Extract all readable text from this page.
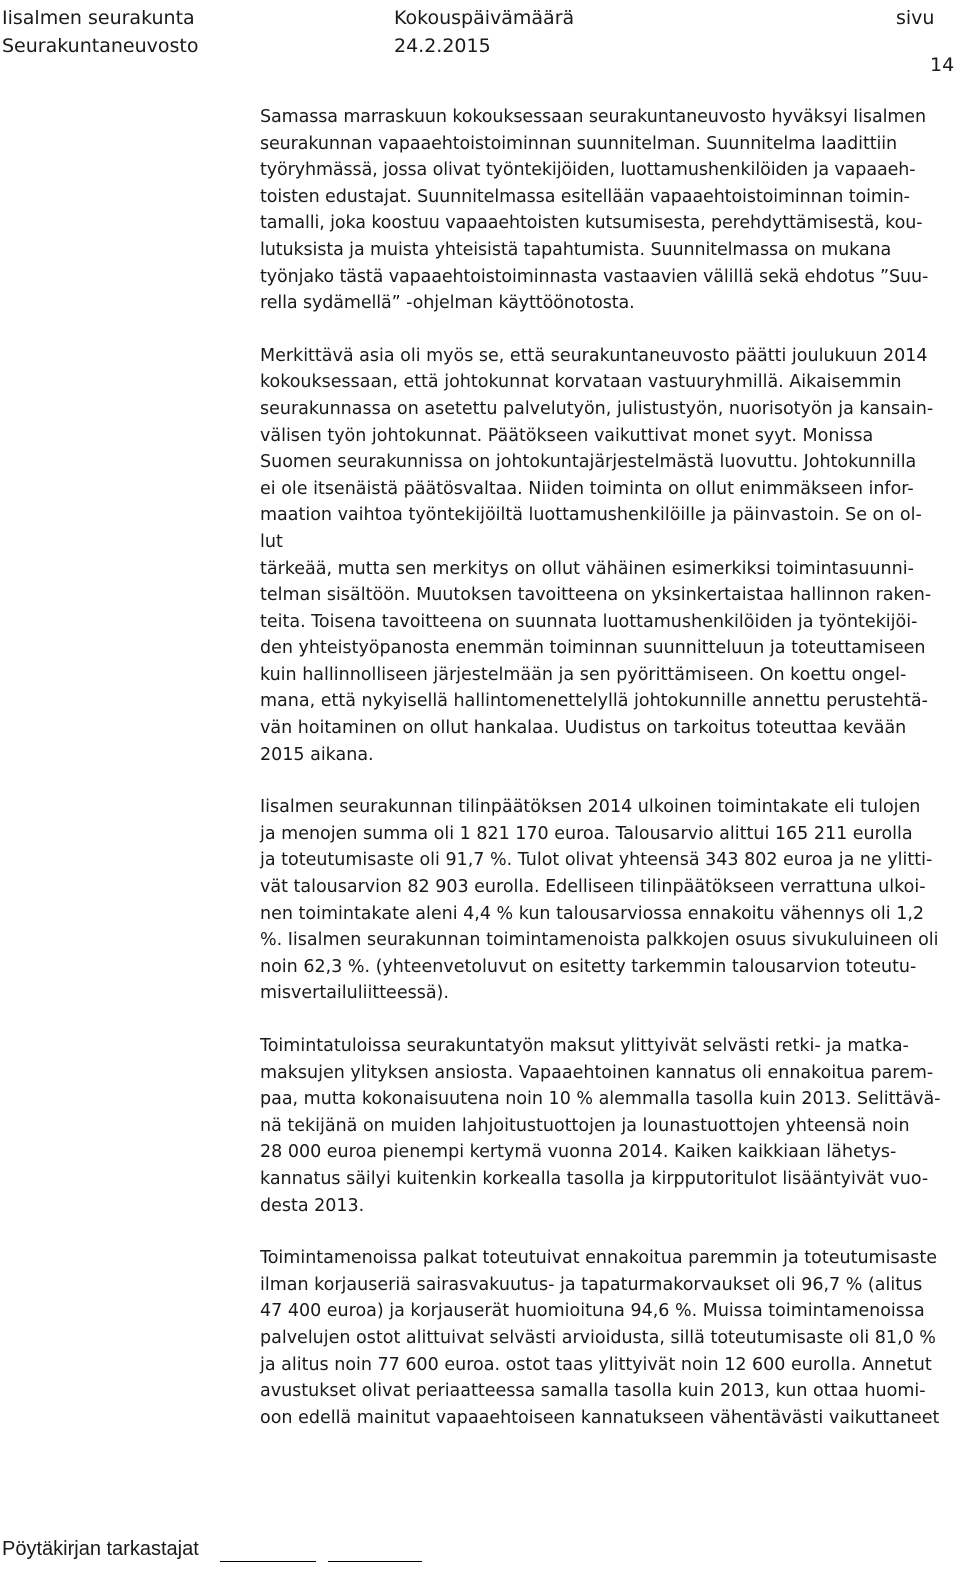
Iisalmen seurakunta
Seurakuntaneuvosto
Kokouspäivämäärä
24.2.2015
sivu
14

Samassa marraskuun kokouksessaan seurakuntaneuvosto hyväksyi Iisalmen
seurakunnan vapaaehtoistoiminnan suunnitelman. Suunnitelma laadittiin
työryhmässä, jossa olivat työntekijöiden, luottamushenkilöiden ja vapaaeh-
toisten edustajat. Suunnitelmassa esitellään vapaaehtoistoiminnan toimin-
tamalli, joka koostuu vapaaehtoisten kutsumisesta, perehdyttämisestä, kou-
lutuksista ja muista yhteisistä tapahtumista. Suunnitelmassa on mukana
työnjako tästä vapaaehtoistoiminnasta vastaavien välillä sekä ehdotus ”Suu-
rella sydämellä” -ohjelman käyttöönotosta.

Merkittävä asia oli myös se, että seurakuntaneuvosto päätti joulukuun 2014
kokouksessaan, että johtokunnat korvataan vastuuryhmillä. Aikaisemmin
seurakunnassa on asetettu palvelutyön, julistustyön, nuorisotyön ja kansain-
välisen työn johtokunnat. Päätökseen vaikuttivat monet syyt. Monissa
Suomen seurakunnissa on johtokuntajärjestelmästä luovuttu. Johtokunnilla
ei ole itsenäistä päätösvaltaa. Niiden toiminta on ollut enimmäkseen infor-
maation vaihtoa työntekijöiltä luottamushenkilöille ja päinvastoin. Se on ol-
lut
tärkeää, mutta sen merkitys on ollut vähäinen esimerkiksi toimintasuunni-
telman sisältöön. Muutoksen tavoitteena on yksinkertaistaa hallinnon raken-
teita. Toisena tavoitteena on suunnata luottamushenkilöiden ja työntekijöi-
den yhteistyöpanosta enemmän toiminnan suunnitteluun ja toteuttamiseen
kuin hallinnolliseen järjestelmään ja sen pyörittämiseen. On koettu ongel-
mana, että nykyisellä hallintomenettelyllä johtokunnille annettu perustehtä-
vän hoitaminen on ollut hankalaa. Uudistus on tarkoitus toteuttaa kevään
2015 aikana.

Iisalmen seurakunnan tilinpäätöksen 2014 ulkoinen toimintakate eli tulojen
ja menojen summa oli 1 821 170 euroa. Talousarvio alittui 165 211 eurolla
ja toteutumisaste oli 91,7 %. Tulot olivat yhteensä 343 802 euroa ja ne ylitti-
vät talousarvion 82 903 eurolla. Edelliseen tilinpäätökseen verrattuna ulkoi-
nen toimintakate aleni 4,4 % kun talousarviossa ennakoitu vähennys oli 1,2
%. Iisalmen seurakunnan toimintamenoista palkkojen osuus sivukuluineen oli
noin 62,3 %. (yhteenvetoluvut on esitetty tarkemmin talousarvion toteutu-
misvertailuliitteessä).

Toimintatuloissa seurakuntatyön maksut ylittyivät selvästi retki- ja matka-
maksujen ylityksen ansiosta. Vapaaehtoinen kannatus oli ennakoitua parem-
paa, mutta kokonaisuutena noin 10 % alemmalla tasolla kuin 2013. Selittävä-
nä tekijänä on muiden lahjoitustuottojen ja lounastuottojen yhteensä noin
28 000 euroa pienempi kertymä vuonna 2014. Kaiken kaikkiaan lähetys-
kannatus säilyi kuitenkin korkealla tasolla ja kirpputoritulot lisääntyivät vuo-
desta 2013.

Toimintamenoissa palkat toteutuivat ennakoitua paremmin ja toteutumisaste
ilman korjauseriä sairasvakuutus- ja tapaturmakorvaukset oli 96,7 % (alitus
47 400 euroa) ja korjauserät huomioituna 94,6 %. Muissa toimintamenoissa
palvelujen ostot alittuivat selvästi arvioidusta, sillä toteutumisaste oli 81,0 %
ja alitus noin 77 600 euroa. ostot taas ylittyivät noin 12 600 eurolla. Annetut
avustukset olivat periaatteessa samalla tasolla kuin 2013, kun ottaa huomi-
oon edellä mainitut vapaaehtoiseen kannatukseen vähentävästi vaikuttaneet

Pöytäkirjan tarkastajat
